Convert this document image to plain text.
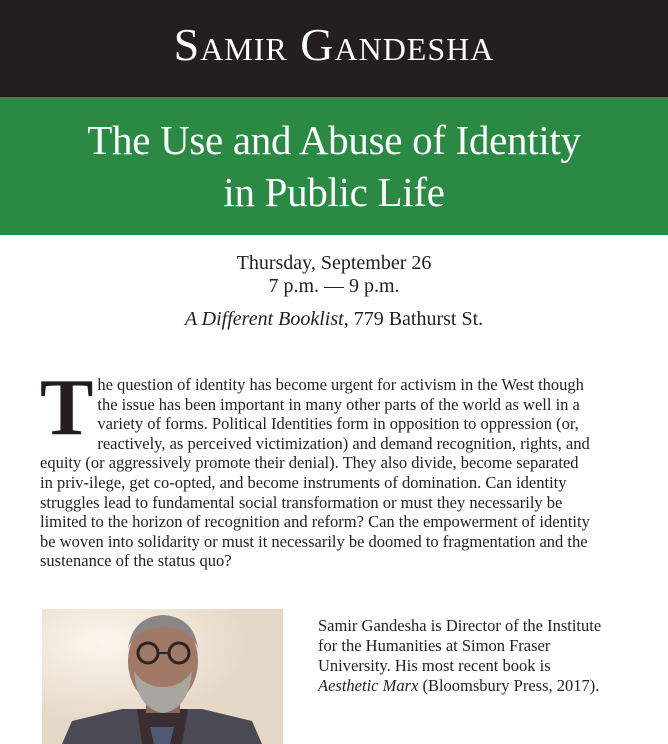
Samir Gandesha
The Use and Abuse of Identity
in Public Life
Thursday, September 26
7 p.m. — 9 p.m.
A Different Booklist, 779 Bathurst St.
The question of identity has become urgent for activism in the West though the issue has been important in many other parts of the world as well in a variety of forms. Political Identities form in opposition to oppression (or, reactively, as perceived victimization) and demand recognition, rights, and equity (or aggressively promote their denial). They also divide, become separated in priv-ilege, get co-opted, and become instruments of domination. Can identity struggles lead to fundamental social transformation or must they necessarily be limited to the horizon of recognition and reform? Can the empowerment of identity be woven into solidarity or must it necessarily be doomed to fragmentation and the sustenance of the status quo?
Samir Gandesha is Director of the Institute for the Humanities at Simon Fraser University. His most recent book is Aesthetic Marx (Bloomsbury Press, 2017).
